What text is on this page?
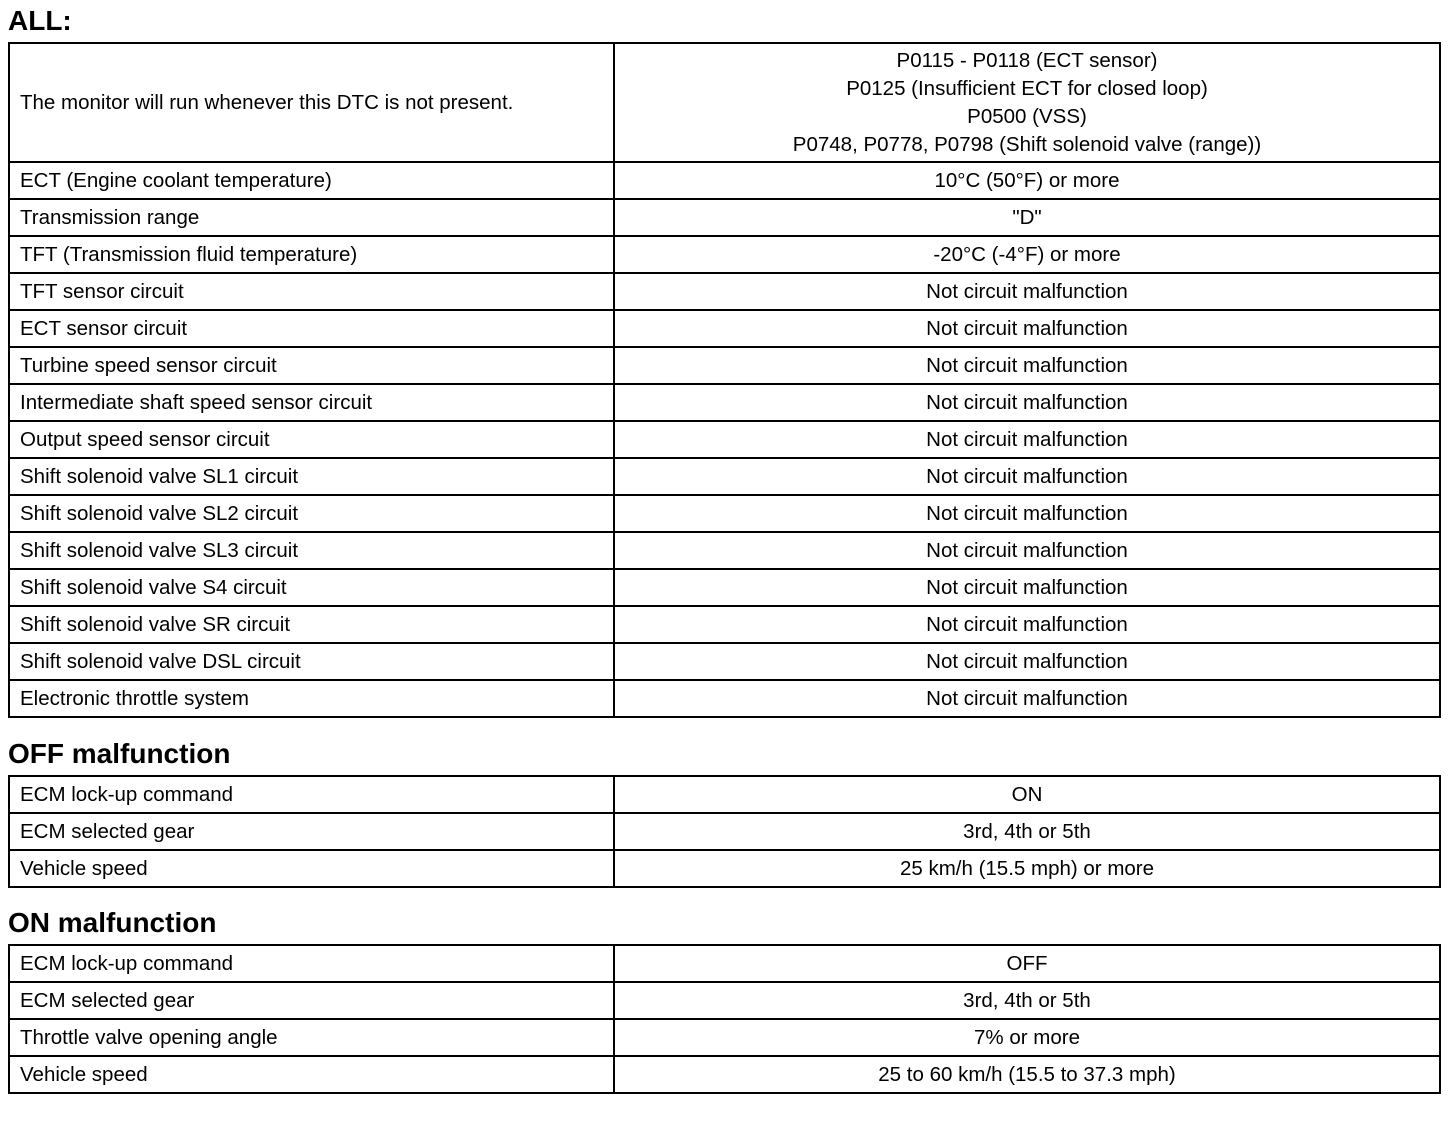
ALL:
The monitor will run whenever this DTC is not present.	P0115 - P0118 (ECT sensor)
P0125 (Insufficient ECT for closed loop)
P0500 (VSS)
P0748, P0778, P0798 (Shift solenoid valve (range))

ECT (Engine coolant temperature)	10°C (50°F) or more
Transmission range	"D"
TFT (Transmission fluid temperature)	-20°C (-4°F) or more
TFT sensor circuit	Not circuit malfunction
ECT sensor circuit	Not circuit malfunction
Turbine speed sensor circuit	Not circuit malfunction
Intermediate shaft speed sensor circuit	Not circuit malfunction
Output speed sensor circuit	Not circuit malfunction
Shift solenoid valve SL1 circuit	Not circuit malfunction
Shift solenoid valve SL2 circuit	Not circuit malfunction
Shift solenoid valve SL3 circuit	Not circuit malfunction
Shift solenoid valve S4 circuit	Not circuit malfunction
Shift solenoid valve SR circuit	Not circuit malfunction
Shift solenoid valve DSL circuit	Not circuit malfunction
Electronic throttle system	Not circuit malfunction
OFF malfunction
ECM lock-up command	ON
ECM selected gear	3rd, 4th or 5th
Vehicle speed	25 km/h (15.5 mph) or more
ON malfunction
ECM lock-up command	OFF
ECM selected gear	3rd, 4th or 5th
Throttle valve opening angle	7% or more
Vehicle speed	25 to 60 km/h (15.5 to 37.3 mph)
